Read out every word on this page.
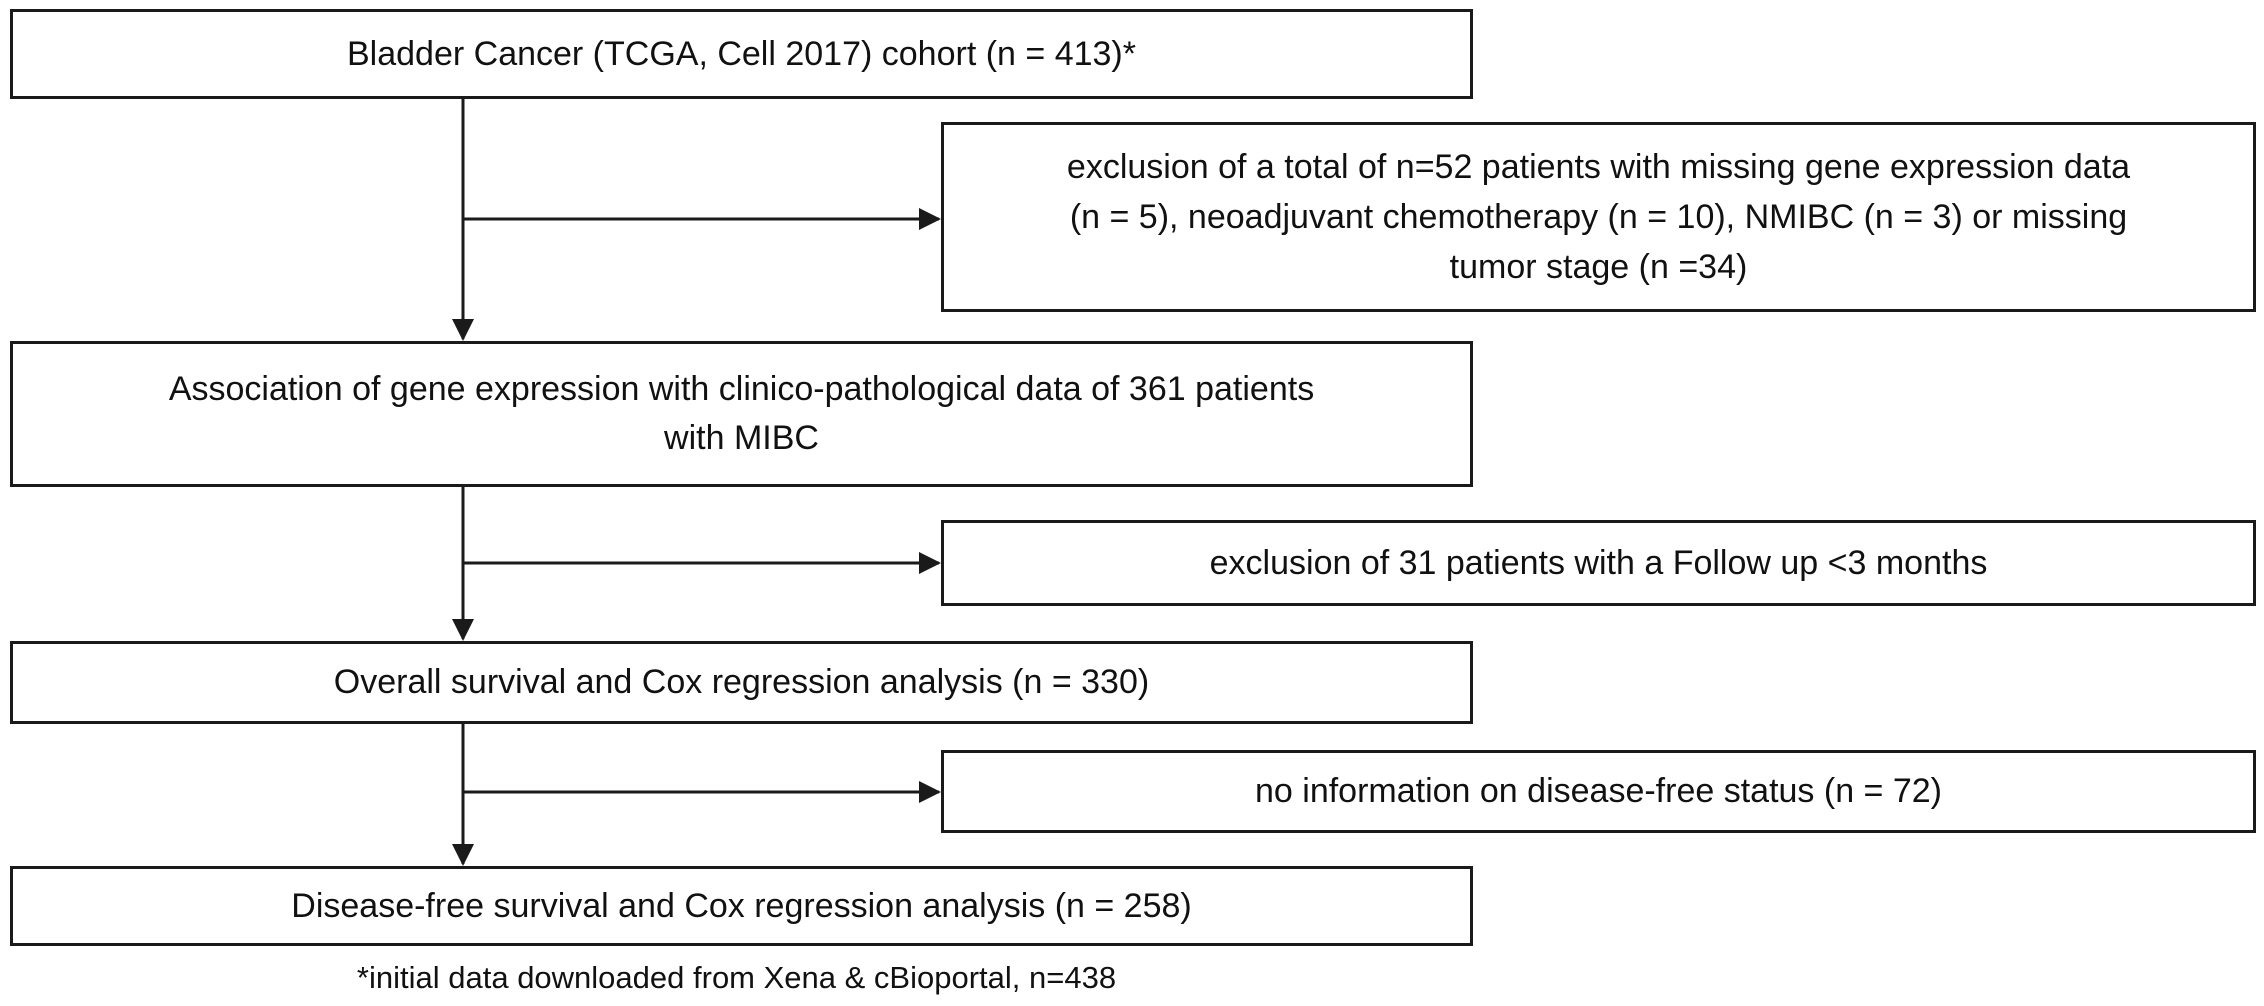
Bladder Cancer (TCGA, Cell 2017) cohort (n = 413)*
exclusion of a total of n=52 patients with missing gene expression data
(n = 5), neoadjuvant chemotherapy (n = 10), NMIBC (n = 3) or missing
tumor stage (n =34)
Association of gene expression with clinico-pathological data of 361 patients
with MIBC
exclusion of 31 patients with a Follow up <3 months
Overall survival and Cox regression analysis (n = 330)
no information on disease-free status (n = 72)
Disease-free survival and Cox regression analysis (n = 258)
*initial data downloaded from Xena & cBioportal, n=438
